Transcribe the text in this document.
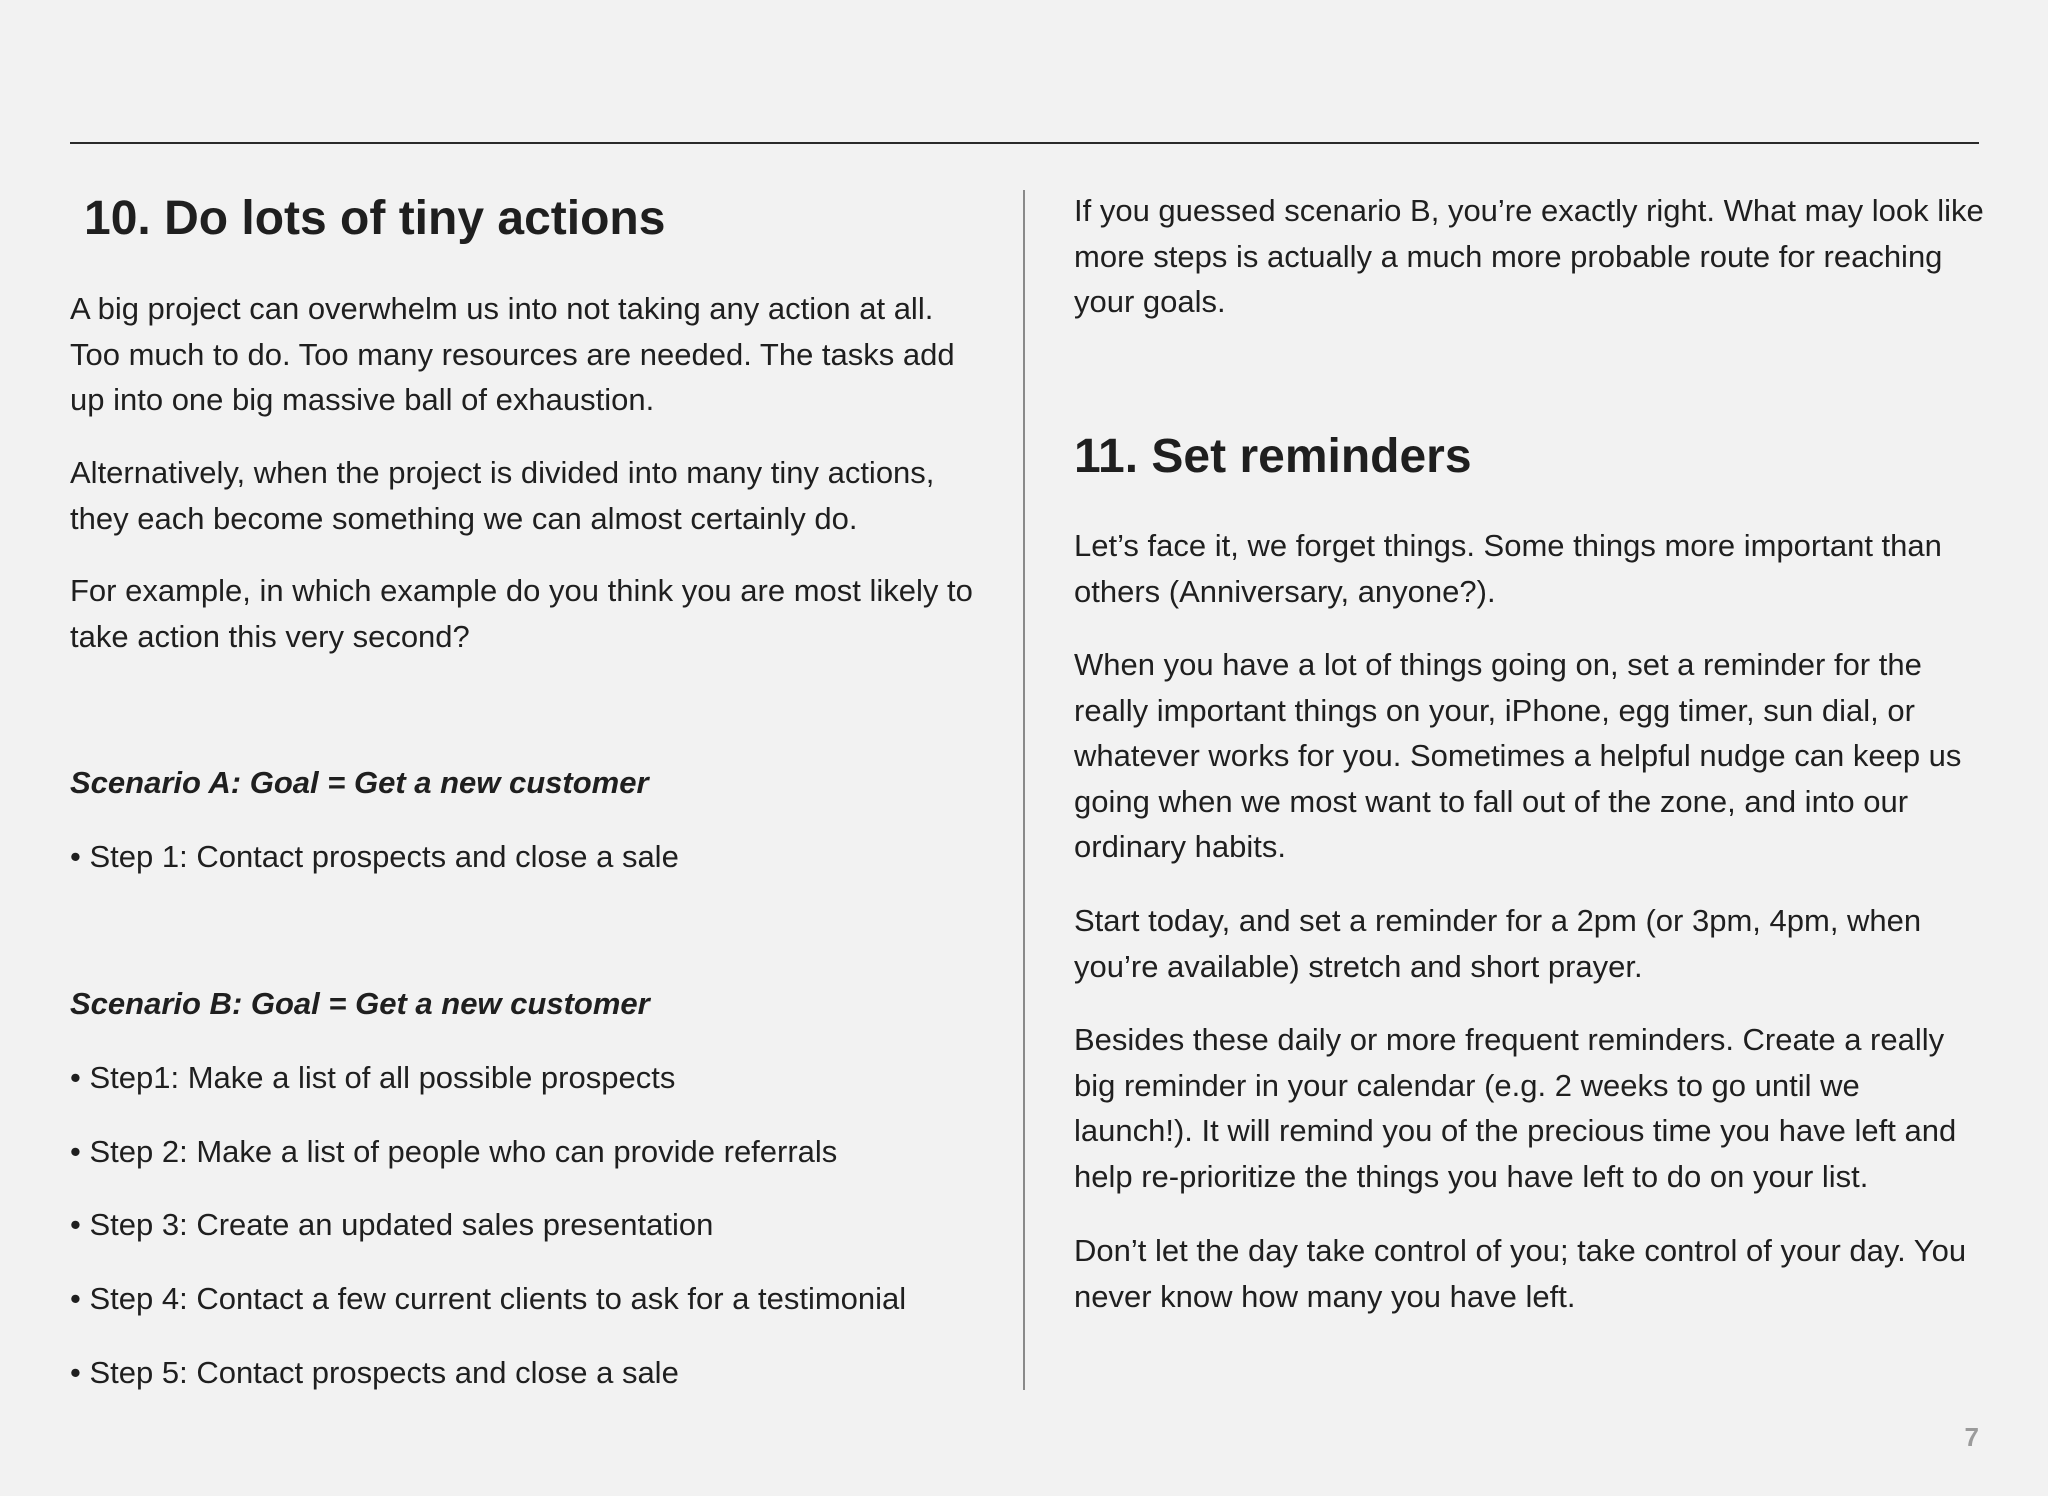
10. Do lots of tiny actions

A big project can overwhelm us into not taking any action at all. Too much to do. Too many resources are needed. The tasks add up into one big massive ball of exhaustion.

Alternatively, when the project is divided into many tiny actions, they each become something we can almost certainly do.

For example, in which example do you think you are most likely to take action this very second?

Scenario A: Goal = Get a new customer

• Step 1: Contact prospects and close a sale

Scenario B: Goal = Get a new customer

• Step1: Make a list of all possible prospects

• Step 2: Make a list of people who can provide referrals

• Step 3: Create an updated sales presentation

• Step 4: Contact a few current clients to ask for a testimonial

• Step 5: Contact prospects and close a sale

If you guessed scenario B, you’re exactly right. What may look like more steps is actually a much more probable route for reaching your goals.

11. Set reminders

Let’s face it, we forget things. Some things more important than others (Anniversary, anyone?).

When you have a lot of things going on, set a reminder for the really important things on your, iPhone, egg timer, sun dial, or whatever works for you. Sometimes a helpful nudge can keep us going when we most want to fall out of the zone, and into our ordinary habits.

Start today, and set a reminder for a 2pm (or 3pm, 4pm, when you’re available) stretch and short prayer.

Besides these daily or more frequent reminders. Create a really big reminder in your calendar (e.g. 2 weeks to go until we launch!). It will remind you of the precious time you have left and help re-prioritize the things you have left to do on your list.

Don’t let the day take control of you; take control of your day. You never know how many you have left.

7
